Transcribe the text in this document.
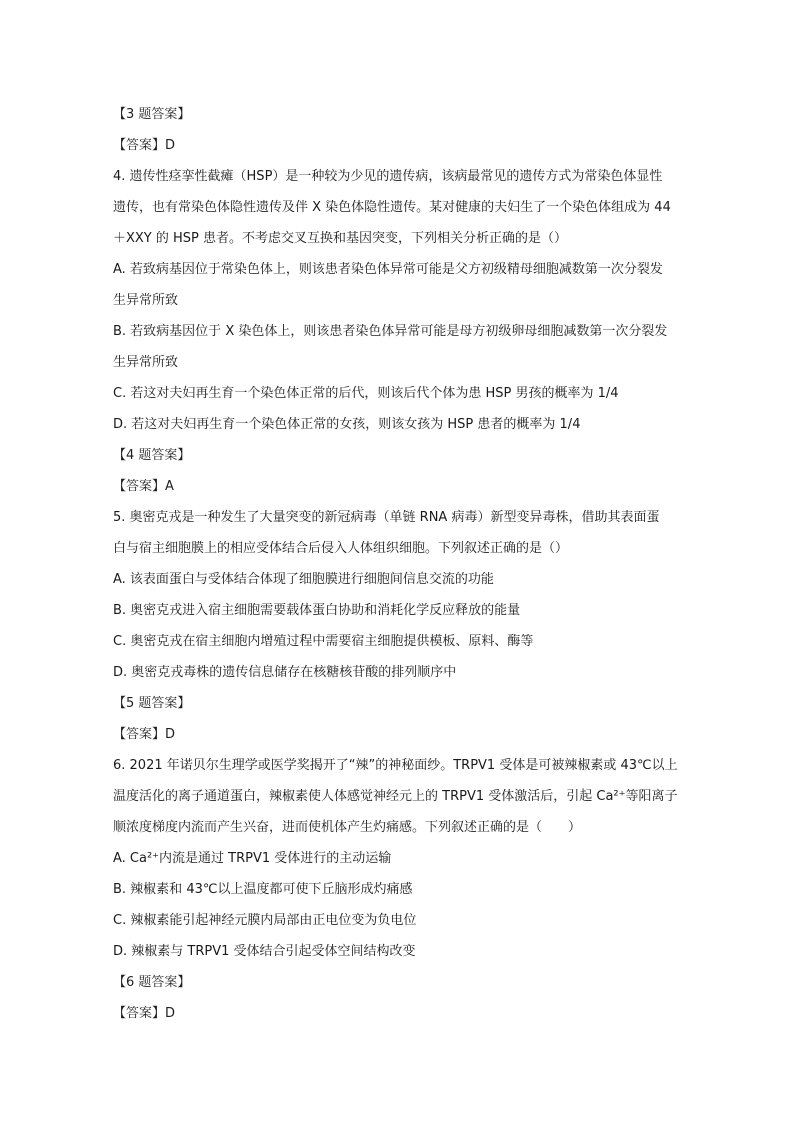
【3 题答案】
【答案】D
4. 遗传性痉挛性截瘫（HSP）是一种较为少见的遗传病，该病最常见的遗传方式为常染色体显性
遗传，也有常染色体隐性遗传及伴 X 染色体隐性遗传。某对健康的夫妇生了一个染色体组成为 44
＋XXY 的 HSP 患者。不考虑交叉互换和基因突变，下列相关分析正确的是（）
A. 若致病基因位于常染色体上，则该患者染色体异常可能是父方初级精母细胞减数第一次分裂发
生异常所致
B. 若致病基因位于 X 染色体上，则该患者染色体异常可能是母方初级卵母细胞减数第一次分裂发
生异常所致
C. 若这对夫妇再生育一个染色体正常的后代，则该后代个体为患 HSP 男孩的概率为 1/4
D. 若这对夫妇再生育一个染色体正常的女孩，则该女孩为 HSP 患者的概率为 1/4
【4 题答案】
【答案】A
5. 奥密克戎是一种发生了大量突变的新冠病毒（单链 RNA 病毒）新型变异毒株，借助其表面蛋
白与宿主细胞膜上的相应受体结合后侵入人体组织细胞。下列叙述正确的是（）
A. 该表面蛋白与受体结合体现了细胞膜进行细胞间信息交流的功能
B. 奥密克戎进入宿主细胞需要载体蛋白协助和消耗化学反应释放的能量
C. 奥密克戎在宿主细胞内增殖过程中需要宿主细胞提供模板、原料、酶等
D. 奥密克戎毒株的遗传信息储存在核糖核苷酸的排列顺序中
【5 题答案】
【答案】D
6. 2021 年诺贝尔生理学或医学奖揭开了“辣”的神秘面纱。TRPV1 受体是可被辣椒素或 43℃以上
温度活化的离子通道蛋白，辣椒素使人体感觉神经元上的 TRPV1 受体激活后，引起 Ca²⁺等阳离子
顺浓度梯度内流而产生兴奋，进而使机体产生灼痛感。下列叙述正确的是（　　）
A. Ca²⁺内流是通过 TRPV1 受体进行的主动运输
B. 辣椒素和 43℃以上温度都可使下丘脑形成灼痛感
C. 辣椒素能引起神经元膜内局部由正电位变为负电位
D. 辣椒素与 TRPV1 受体结合引起受体空间结构改变
【6 题答案】
【答案】D
